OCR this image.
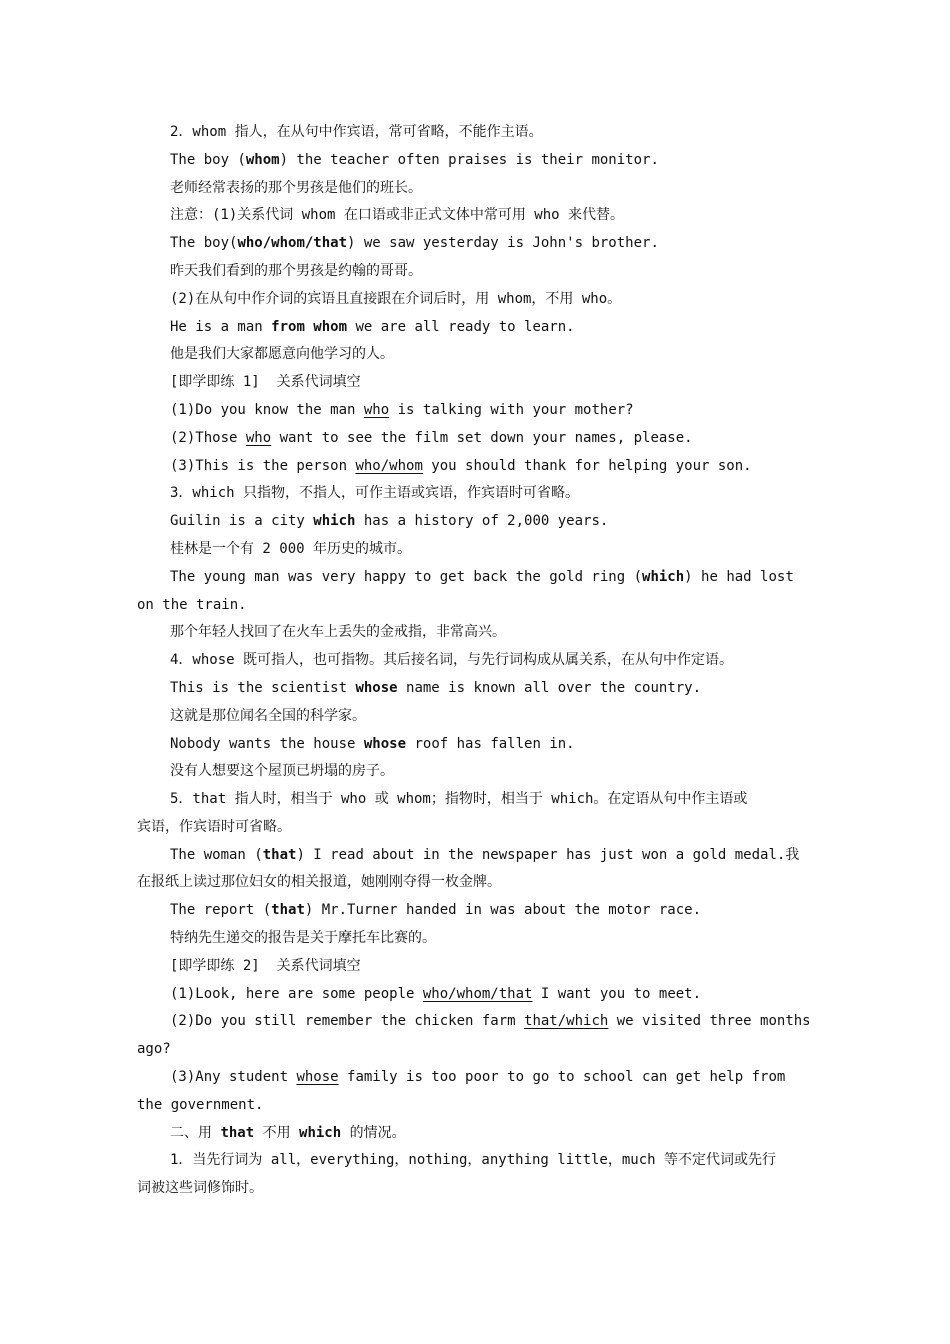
2．whom 指人，在从句中作宾语，常可省略，不能作主语。
The boy (whom) the teacher often praises is their monitor.
老师经常表扬的那个男孩是他们的班长。
注意：(1)关系代词 whom 在口语或非正式文体中常可用 who 来代替。
The boy(who/whom/that) we saw yesterday is John's brother.
昨天我们看到的那个男孩是约翰的哥哥。
(2)在从句中作介词的宾语且直接跟在介词后时，用 whom，不用 who。
He is a man from whom we are all ready to learn.
他是我们大家都愿意向他学习的人。
[即学即练 1]  关系代词填空
(1)Do you know the man who is talking with your mother?
(2)Those who want to see the film set down your names, please.
(3)This is the person who/whom you should thank for helping your son.
3．which 只指物，不指人，可作主语或宾语，作宾语时可省略。
Guilin is a city which has a history of 2,000 years.
桂林是一个有 2 000 年历史的城市。
The young man was very happy to get back the gold ring (which) he had lost
on the train.
那个年轻人找回了在火车上丢失的金戒指，非常高兴。
4．whose 既可指人，也可指物。其后接名词，与先行词构成从属关系，在从句中作定语。
This is the scientist whose name is known all over the country.
这就是那位闻名全国的科学家。
Nobody wants the house whose roof has fallen in.
没有人想要这个屋顶已坍塌的房子。
5．that 指人时，相当于 who 或 whom；指物时，相当于 which。在定语从句中作主语或
宾语，作宾语时可省略。
The woman (that) I read about in the newspaper has just won a gold medal.我
在报纸上读过那位妇女的相关报道，她刚刚夺得一枚金牌。
The report (that) Mr.Turner handed in was about the motor race.
特纳先生递交的报告是关于摩托车比赛的。
[即学即练 2]  关系代词填空
(1)Look, here are some people who/whom/that I want you to meet.
(2)Do you still remember the chicken farm that/which we visited three months
ago?
(3)Any student whose family is too poor to go to school can get help from
the government.
二、用 that 不用 which 的情况。
1．当先行词为 all，everything，nothing，anything little，much 等不定代词或先行
词被这些词修饰时。
